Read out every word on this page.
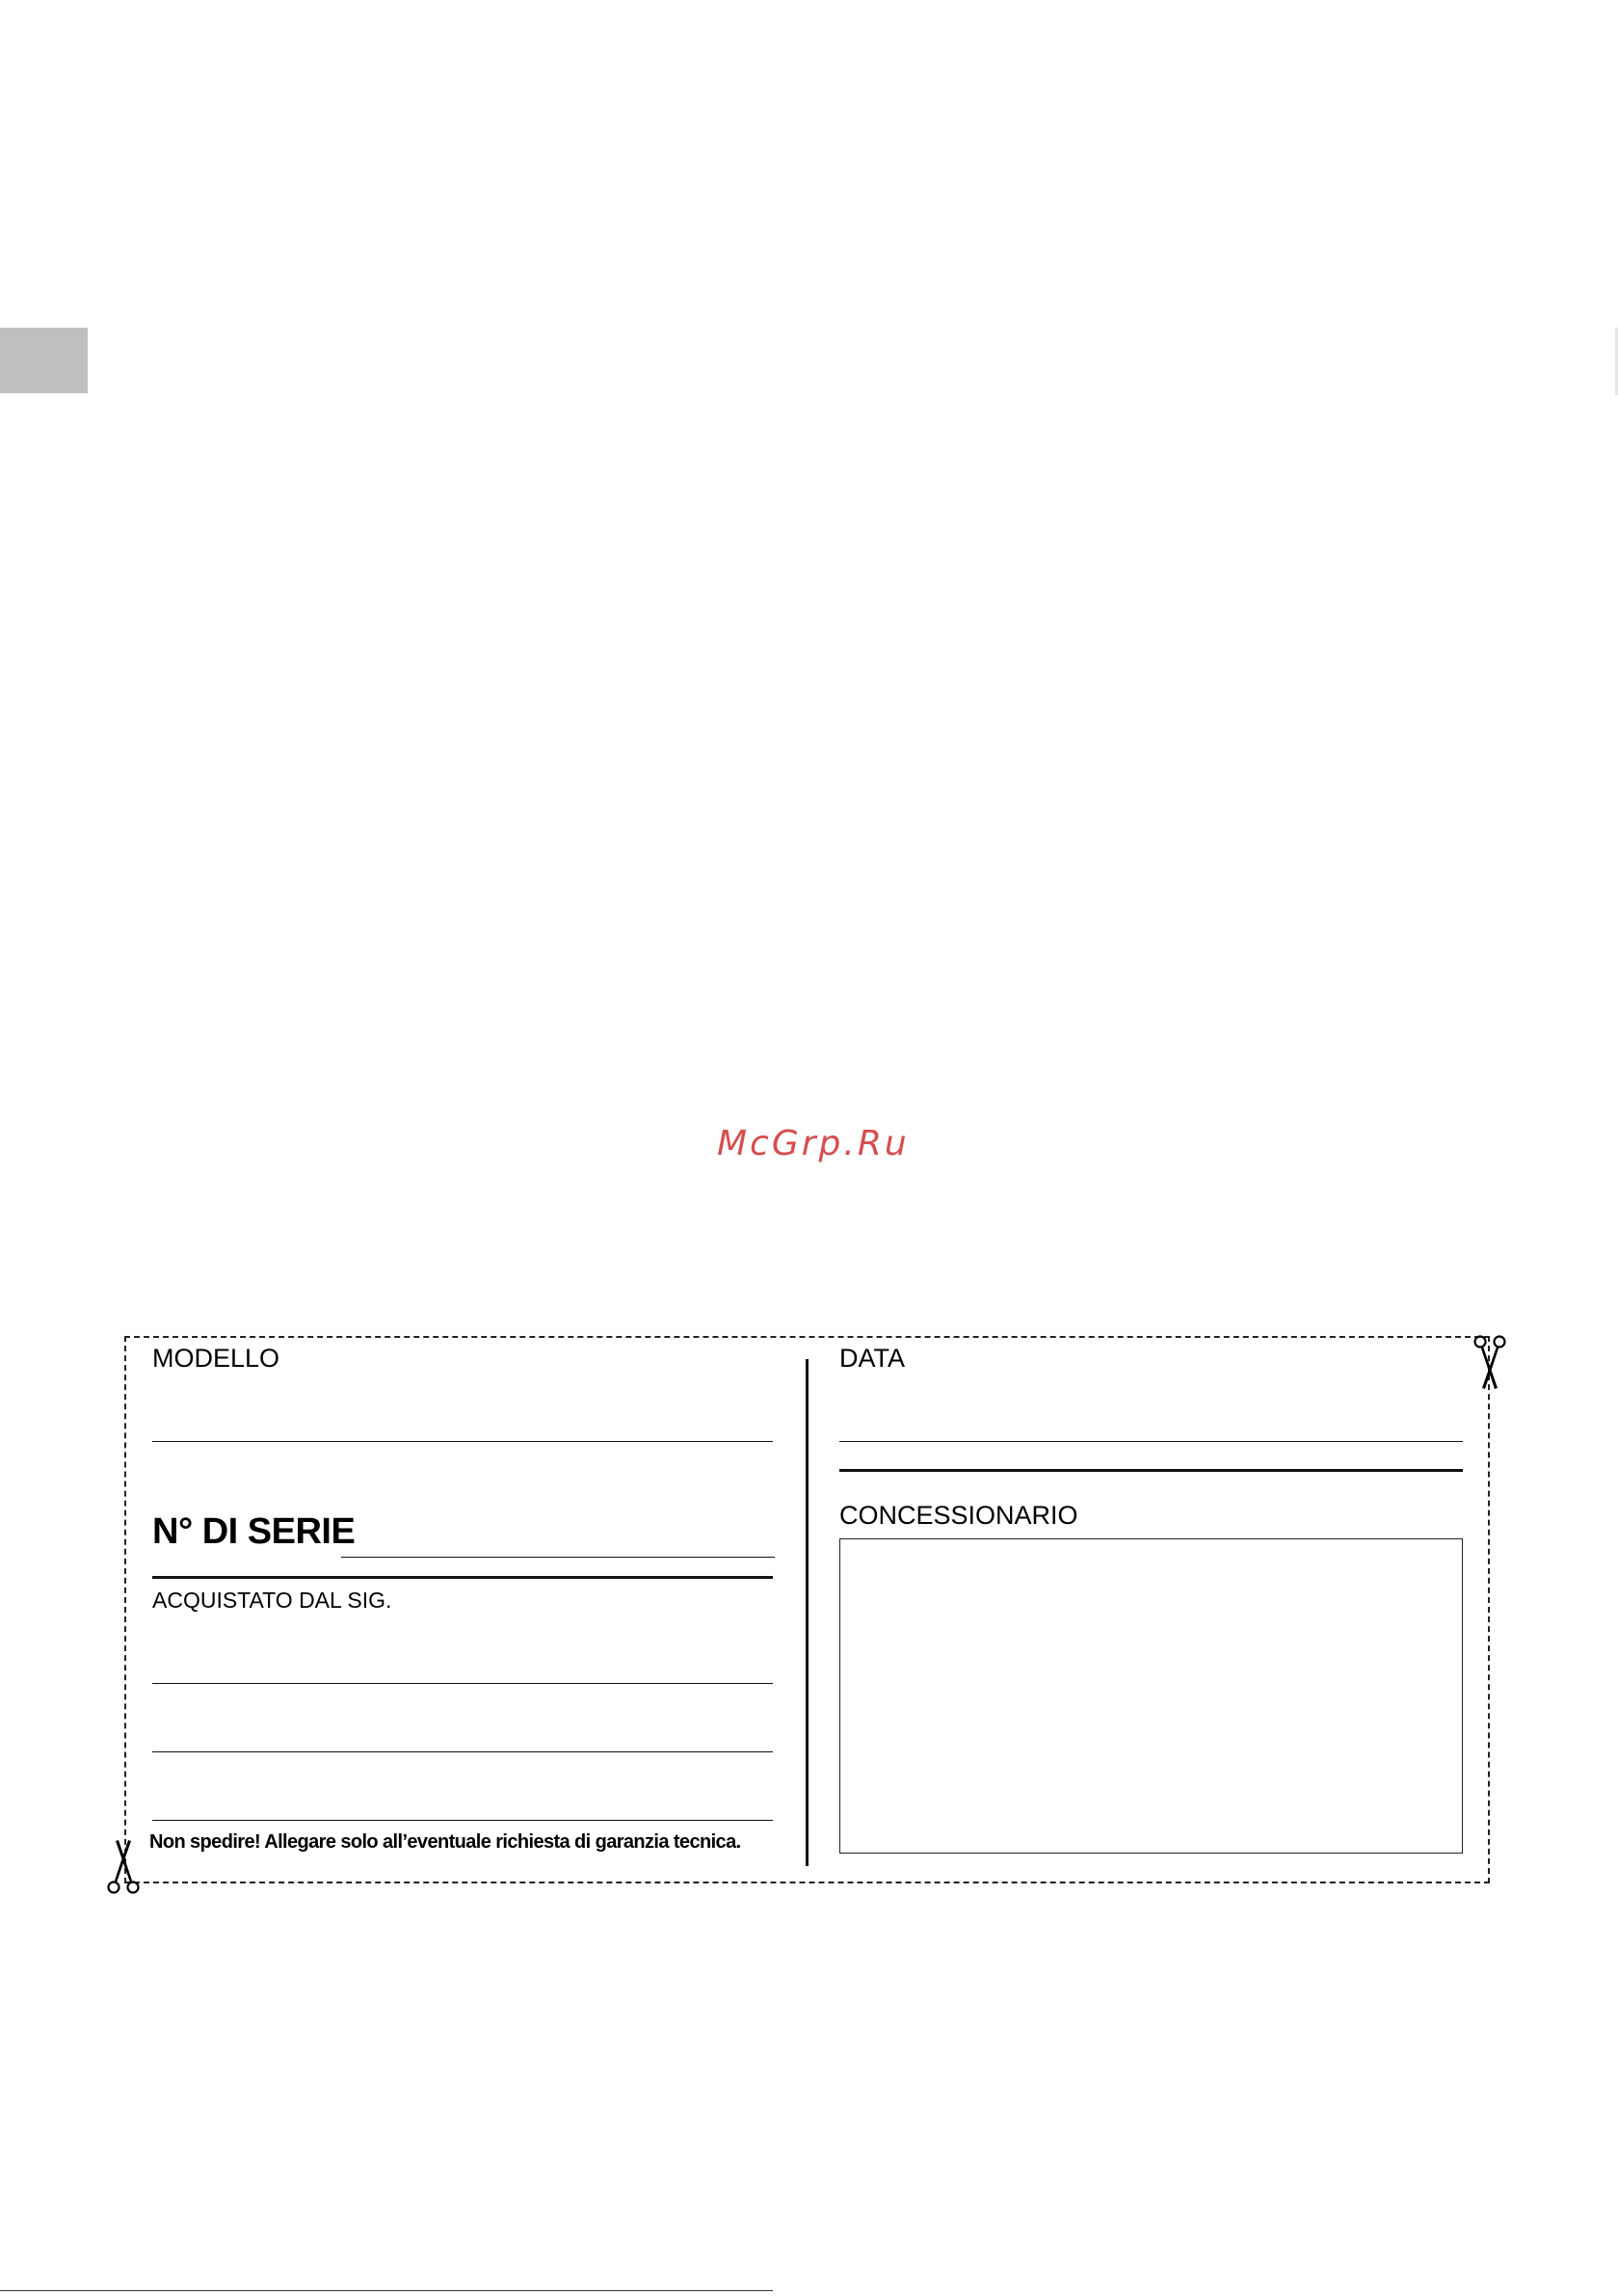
McGrp.Ru
MODELLO
N° DI SERIE
ACQUISTATO DAL SIG.
Non spedire! Allegare solo all’eventuale richiesta di garanzia tecnica.
DATA
CONCESSIONARIO
